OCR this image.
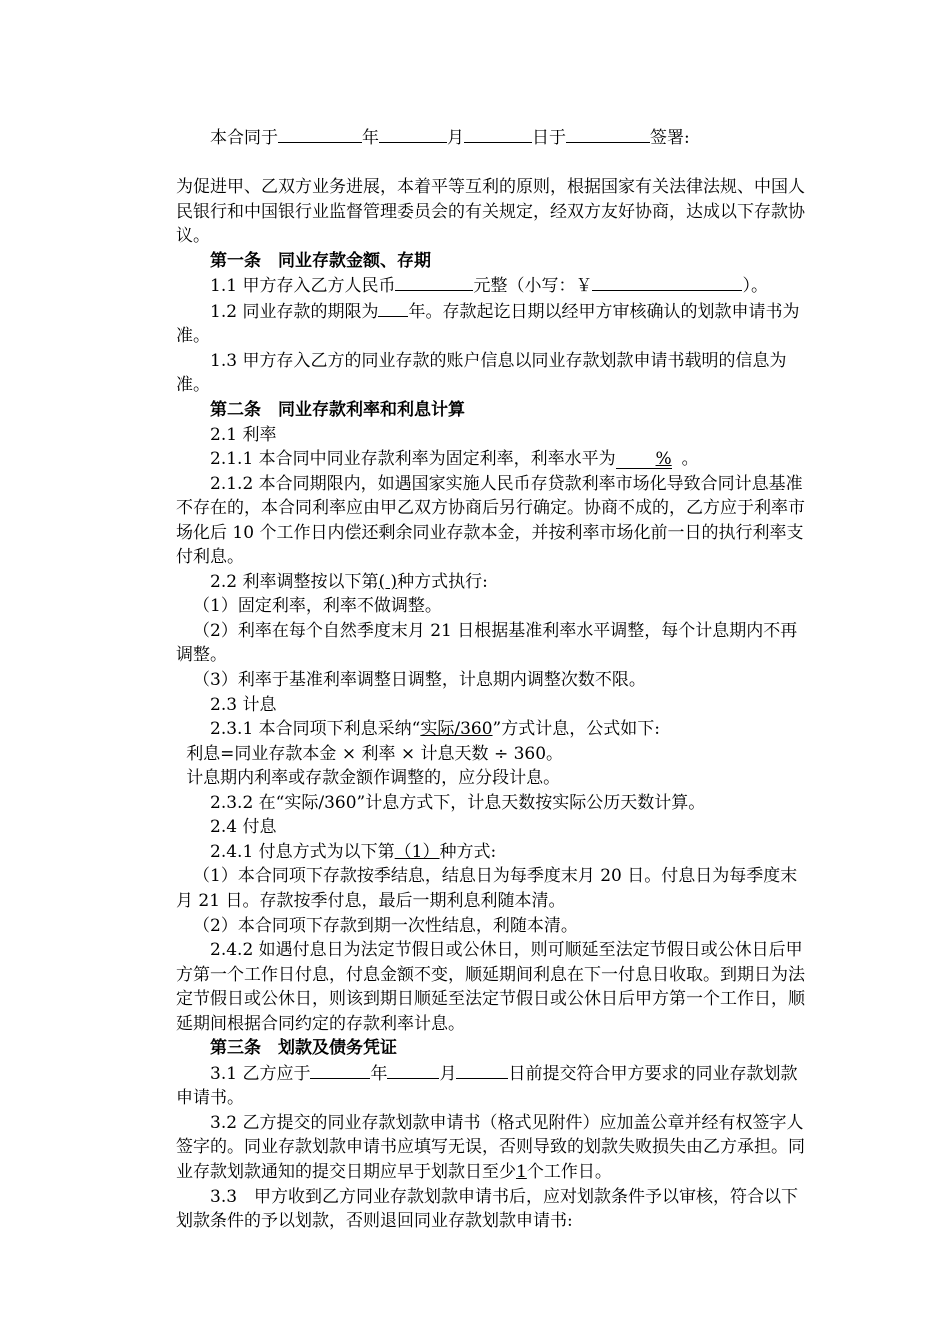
本合同于	年	月	日于	签署:

为促进甲、乙双方业务进展，本着平等互利的原则，根据国家有关法律法规、中国人民银行和中国银行业监督管理委员会的有关规定，经双方友好协商，达成以下存款协议。

第一条　同业存款金额、存期
1.1 甲方存入乙方人民币	元整（小写：￥	）。
1.2 同业存款的期限为 年。存款起讫日期以经甲方审核确认的划款申请书为准。
1.3 甲方存入乙方的同业存款的账户信息以同业存款划款申请书载明的信息为准。
第二条　同业存款利率和利息计算
2.1 利率
2.1.1 本合同中同业存款利率为固定利率，利率水平为 % 。
2.1.2 本合同期限内，如遇国家实施人民币存贷款利率市场化导致合同计息基准不存在的，本合同利率应由甲乙双方协商后另行确定。协商不成的，乙方应于利率市场化后 10 个工作日内偿还剩余同业存款本金，并按利率市场化前一日的执行利率支付利息。
2.2 利率调整按以下第( )种方式执行:
（1）固定利率，利率不做调整。
（2）利率在每个自然季度末月 21 日根据基准利率水平调整，每个计息期内不再调整。
（3）利率于基准利率调整日调整，计息期内调整次数不限。
2.3 计息
2.3.1 本合同项下利息采纳“实际/360”方式计息，公式如下:
利息=同业存款本金 × 利率 × 计息天数 ÷ 360。
计息期内利率或存款金额作调整的，应分段计息。
2.3.2 在“实际/360”计息方式下，计息天数按实际公历天数计算。
2.4 付息
2.4.1 付息方式为以下第（1）种方式:
（1）本合同项下存款按季结息，结息日为每季度末月 20 日。付息日为每季度末月 21 日。存款按季付息，最后一期利息利随本清。
（2）本合同项下存款到期一次性结息，利随本清。
2.4.2 如遇付息日为法定节假日或公休日，则可顺延至法定节假日或公休日后甲方第一个工作日付息，付息金额不变，顺延期间利息在下一付息日收取。到期日为法定节假日或公休日，则该到期日顺延至法定节假日或公休日后甲方第一个工作日，顺延期间根据合同约定的存款利率计息。
第三条　划款及债务凭证
3.1 乙方应于	年	月	日前提交符合甲方要求的同业存款划款申请书。
3.2 乙方提交的同业存款划款申请书（格式见附件）应加盖公章并经有权签字人签字的。同业存款划款申请书应填写无误，否则导致的划款失败损失由乙方承担。同业存款划款通知的提交日期应早于划款日至少1个工作日。
3.3　甲方收到乙方同业存款划款申请书后，应对划款条件予以审核，符合以下划款条件的予以划款，否则退回同业存款划款申请书:
